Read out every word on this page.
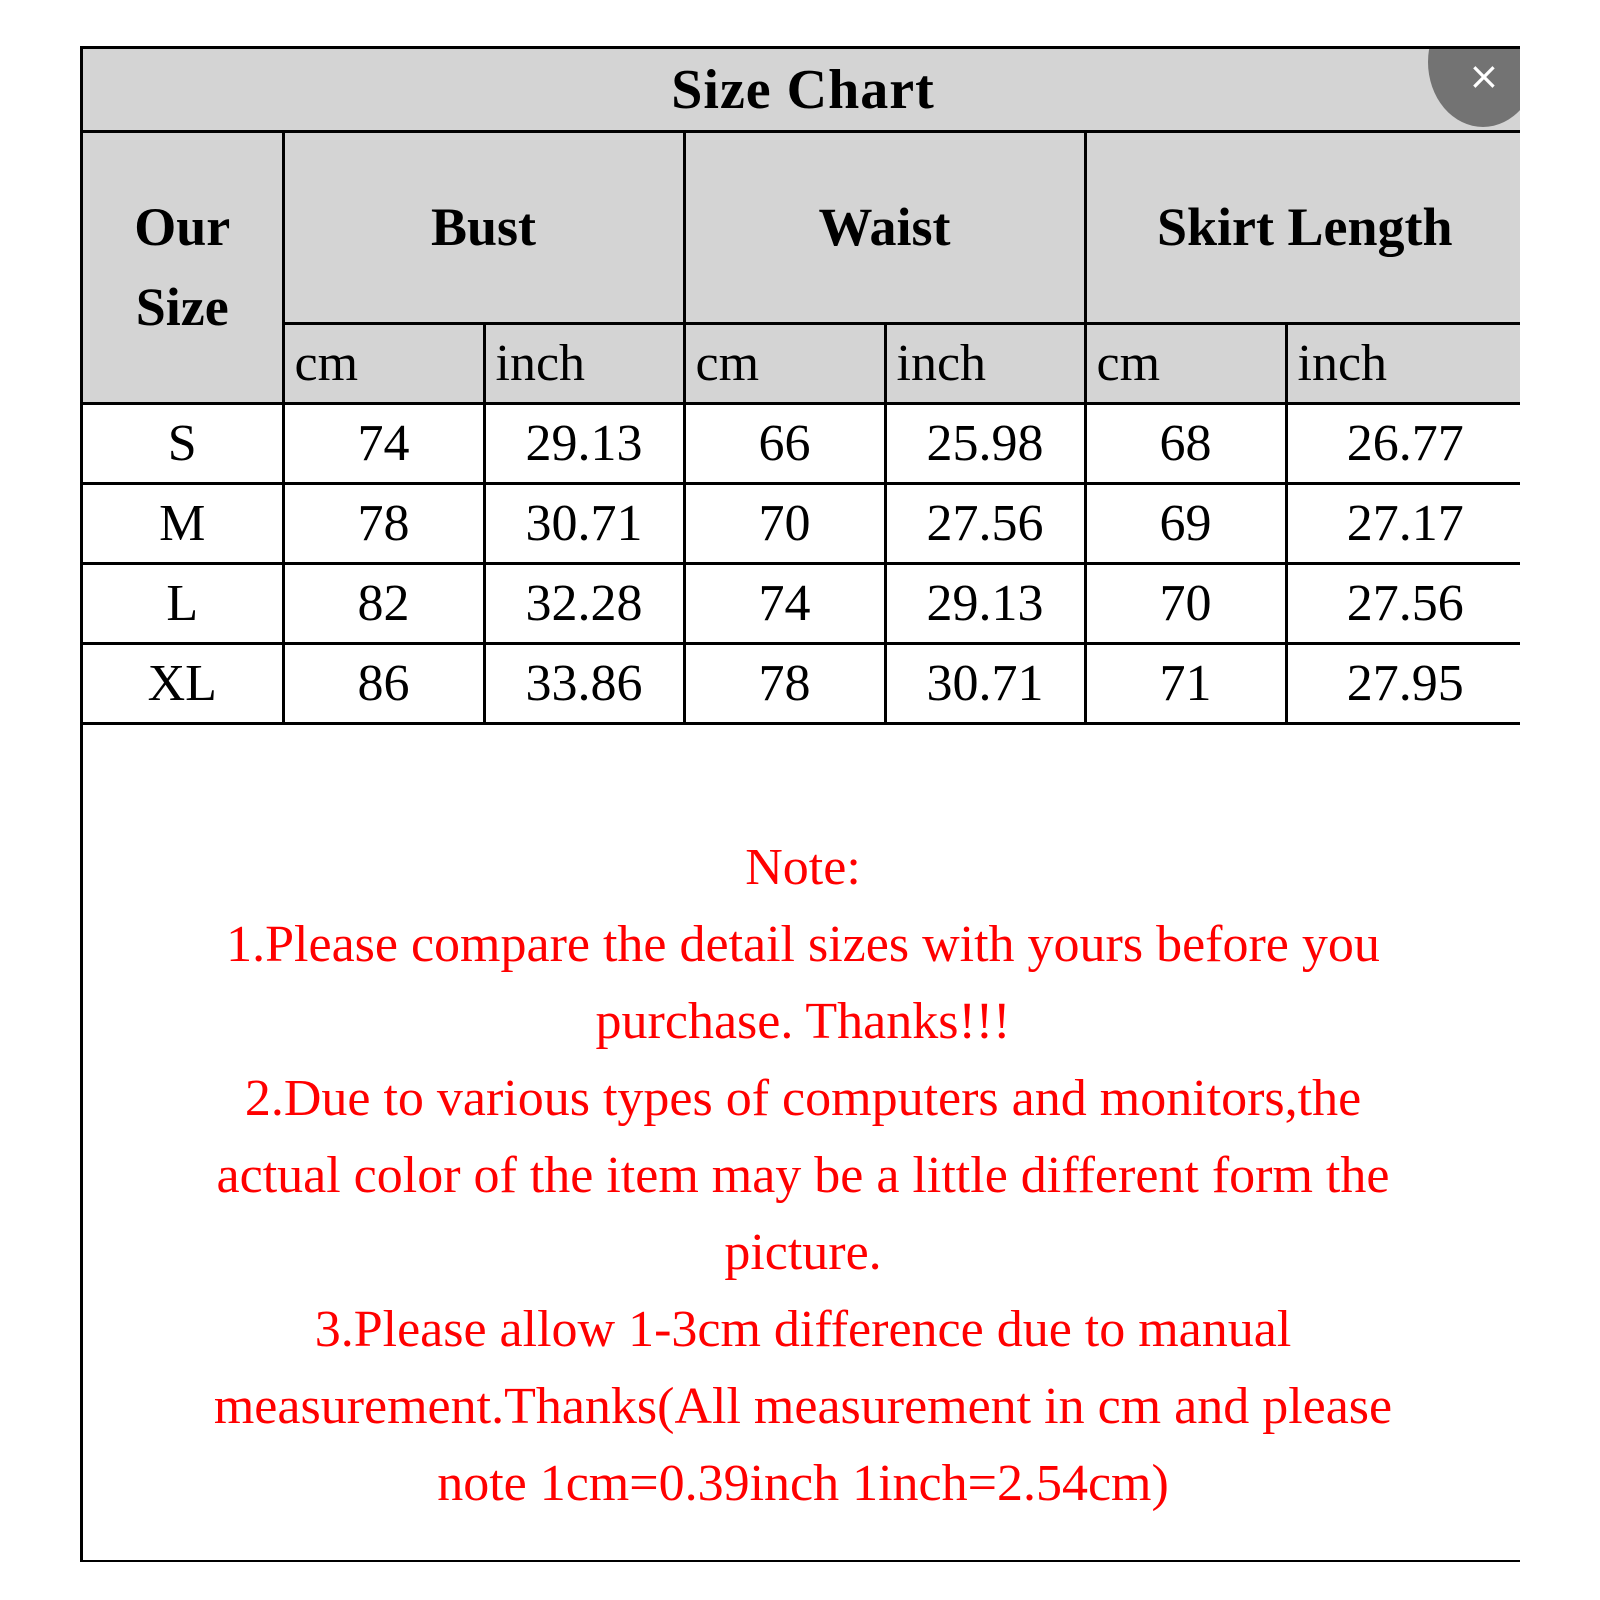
Size Chart	×
Our
Size	Bust		Waist		Skirt Length	
	cm	inch	cm	inch	cm	inch
S	74	29.13	66	25.98	68	26.77
M	78	30.71	70	27.56	69	27.17
L	82	32.28	74	29.13	70	27.56
XL	86	33.86	78	30.71	71	27.95

Note:

1.Please compare the detail sizes with yours before you

purchase. Thanks!!!

2.Due to various types of computers and monitors,the

actual color of the item may be a little different form the

picture.

3.Please allow 1-3cm difference due to manual

measurement.Thanks(All measurement in cm and please

note 1cm=0.39inch 1inch=2.54cm)
